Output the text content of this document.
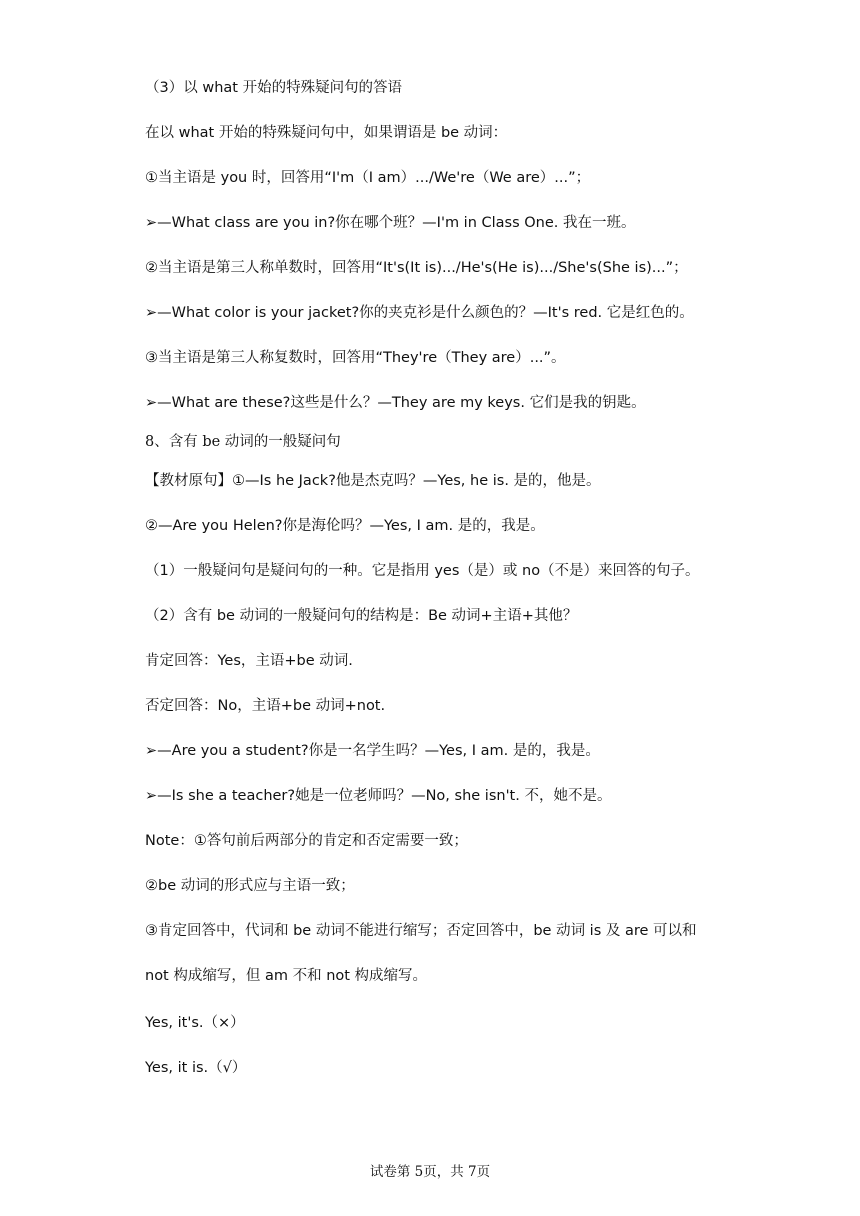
（3）以 what 开始的特殊疑问句的答语
在以 what 开始的特殊疑问句中，如果谓语是 be 动词：
①当主语是 you 时，回答用“I'm（I am）.../We're（We are）...”；
➢—What class are you in?你在哪个班？—I'm in Class One. 我在一班。
②当主语是第三人称单数时，回答用“It's(It is).../He's(He is).../She's(She is)...”；
➢—What color is your jacket?你的夹克衫是什么颜色的？—It's red. 它是红色的。
③当主语是第三人称复数时，回答用“They're（They are）...”。
➢—What are these?这些是什么？—They are my keys. 它们是我的钥匙。
8、含有 be 动词的一般疑问句
【教材原句】①—Is he Jack?他是杰克吗？—Yes, he is. 是的，他是。
②—Are you Helen?你是海伦吗？—Yes, I am. 是的，我是。
（1）一般疑问句是疑问句的一种。它是指用 yes（是）或 no（不是）来回答的句子。
（2）含有 be 动词的一般疑问句的结构是：Be 动词+主语+其他？
肯定回答：Yes，主语+be 动词.
否定回答：No，主语+be 动词+not.
➢—Are you a student?你是一名学生吗？—Yes, I am. 是的，我是。
➢—Is she a teacher?她是一位老师吗？—No, she isn't. 不，她不是。
Note：①答句前后两部分的肯定和否定需要一致；
②be 动词的形式应与主语一致；
③肯定回答中，代词和 be 动词不能进行缩写；否定回答中，be 动词 is 及 are 可以和
not 构成缩写，但 am 不和 not 构成缩写。
Yes, it's.（×）
Yes, it is.（√）
试卷第 5页，共 7页
